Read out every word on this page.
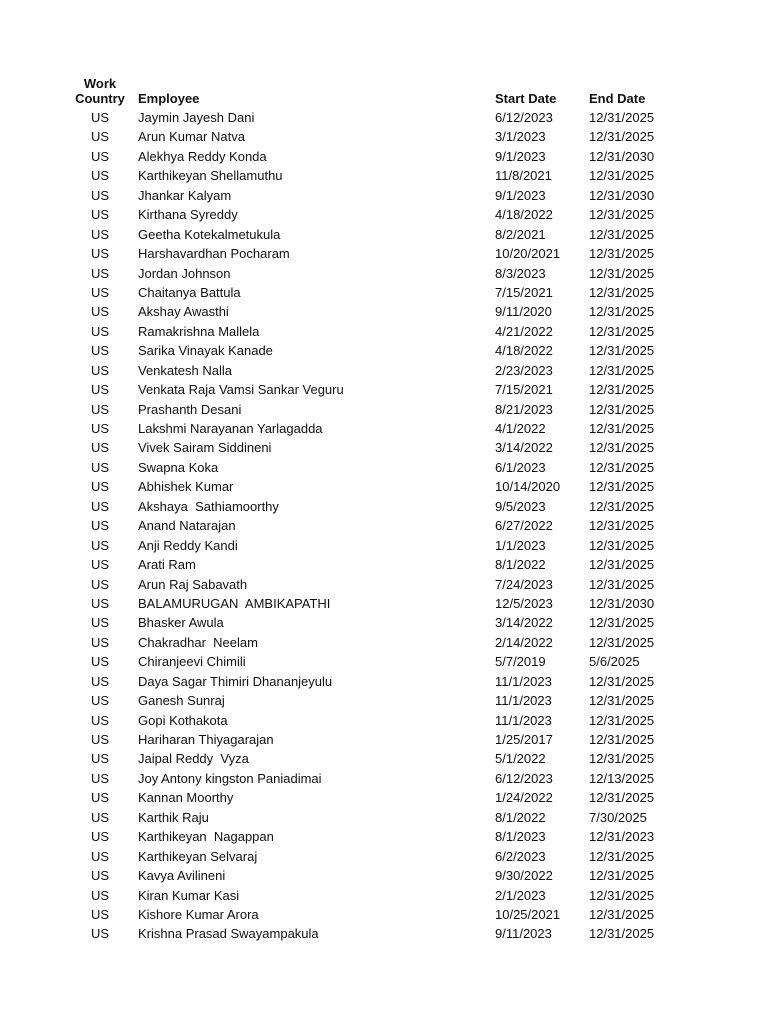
Work
Country	Employee	Start Date	End Date
US	Jaymin Jayesh Dani	6/12/2023	12/31/2025
US	Arun Kumar Natva	3/1/2023	12/31/2025
US	Alekhya Reddy Konda	9/1/2023	12/31/2030
US	Karthikeyan Shellamuthu	11/8/2021	12/31/2025
US	Jhankar Kalyam	9/1/2023	12/31/2030
US	Kirthana Syreddy	4/18/2022	12/31/2025
US	Geetha Kotekalmetukula	8/2/2021	12/31/2025
US	Harshavardhan Pocharam	10/20/2021 12/31/2025
US	Jordan Johnson	8/3/2023	12/31/2025
US	Chaitanya Battula	7/15/2021	12/31/2025
US	Akshay Awasthi	9/11/2020	12/31/2025
US	Ramakrishna Mallela	4/21/2022	12/31/2025
US	Sarika Vinayak Kanade	4/18/2022	12/31/2025
US	Venkatesh Nalla	2/23/2023	12/31/2025
US	Venkata Raja Vamsi Sankar Veguru	7/15/2021	12/31/2025
US	Prashanth Desani	8/21/2023	12/31/2025
US	Lakshmi Narayanan Yarlagadda	4/1/2022	12/31/2025
US	Vivek Sairam Siddineni	3/14/2022	12/31/2025
US	Swapna Koka	6/1/2023	12/31/2025
US	Abhishek Kumar	10/14/2020 12/31/2025
US	Akshaya  Sathiamoorthy	9/5/2023	12/31/2025
US	Anand Natarajan	6/27/2022	12/31/2025
US	Anji Reddy Kandi	1/1/2023	12/31/2025
US	Arati Ram	8/1/2022	12/31/2025
US	Arun Raj Sabavath	7/24/2023	12/31/2025
US	BALAMURUGAN  AMBIKAPATHI	12/5/2023	12/31/2030
US	Bhasker Awula	3/14/2022	12/31/2025
US	Chakradhar  Neelam	2/14/2022	12/31/2025
US	Chiranjeevi Chimili	5/7/2019	5/6/2025
US	Daya Sagar Thimiri Dhananjeyulu	11/1/2023	12/31/2025
US	Ganesh Sunraj	11/1/2023	12/31/2025
US	Gopi Kothakota	11/1/2023	12/31/2025
US	Hariharan Thiyagarajan	1/25/2017	12/31/2025
US	Jaipal Reddy  Vyza	5/1/2022	12/31/2025
US	Joy Antony kingston Paniadimai	6/12/2023	12/13/2025
US	Kannan Moorthy	1/24/2022	12/31/2025
US	Karthik Raju	8/1/2022	7/30/2025
US	Karthikeyan  Nagappan	8/1/2023	12/31/2023
US	Karthikeyan Selvaraj	6/2/2023	12/31/2025
US	Kavya Avilineni	9/30/2022	12/31/2025
US	Kiran Kumar Kasi	2/1/2023	12/31/2025
US	Kishore Kumar Arora	10/25/2021 12/31/2025
US	Krishna Prasad Swayampakula	9/11/2023	12/31/2025
